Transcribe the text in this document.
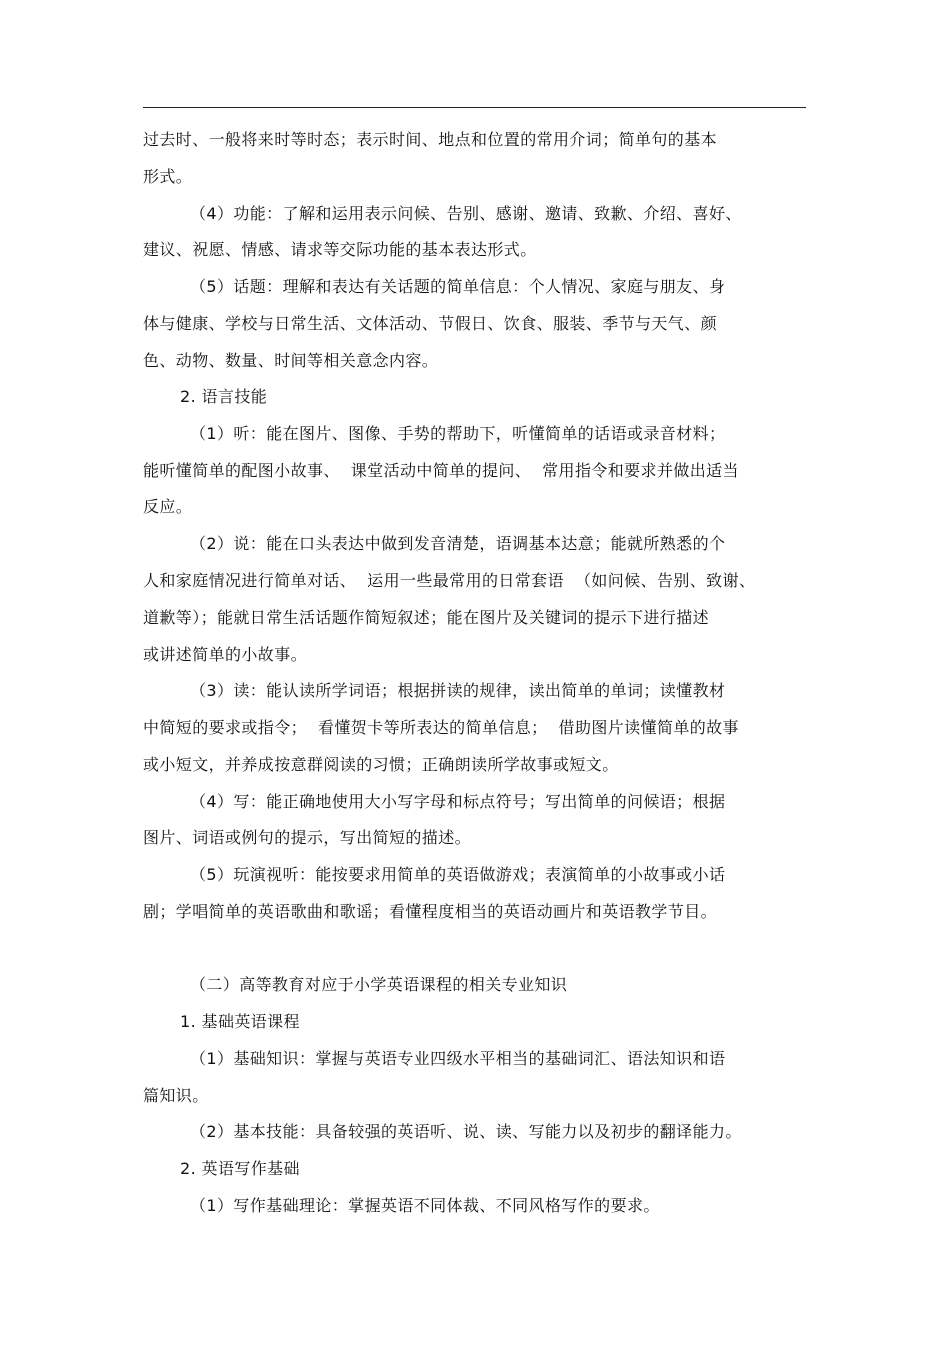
过去时、一般将来时等时态；表示时间、地点和位置的常用介词；简单句的基本
形式。
（4）功能：了解和运用表示问候、告别、感谢、邀请、致歉、介绍、喜好、
建议、祝愿、情感、请求等交际功能的基本表达形式。
（5）话题：理解和表达有关话题的简单信息：个人情况、家庭与朋友、身
体与健康、学校与日常生活、文体活动、节假日、饮食、服装、季节与天气、颜
色、动物、数量、时间等相关意念内容。
2. 语言技能
（1）听：能在图片、图像、手势的帮助下，听懂简单的话语或录音材料；
能听懂简单的配图小故事、  课堂活动中简单的提问、  常用指令和要求并做出适当
反应。
（2）说：能在口头表达中做到发音清楚，语调基本达意；能就所熟悉的个
人和家庭情况进行简单对话、  运用一些最常用的日常套语  （如问候、告别、致谢、
道歉等）；能就日常生活话题作简短叙述；能在图片及关键词的提示下进行描述
或讲述简单的小故事。
（3）读：能认读所学词语；根据拼读的规律，读出简单的单词；读懂教材
中简短的要求或指令；  看懂贺卡等所表达的简单信息；  借助图片读懂简单的故事
或小短文，并养成按意群阅读的习惯；正确朗读所学故事或短文。
（4）写：能正确地使用大小写字母和标点符号；写出简单的问候语；根据
图片、词语或例句的提示，写出简短的描述。
（5）玩演视听：能按要求用简单的英语做游戏；表演简单的小故事或小话
剧；学唱简单的英语歌曲和歌谣；看懂程度相当的英语动画片和英语教学节目。
（二）高等教育对应于小学英语课程的相关专业知识
1. 基础英语课程
（1）基础知识：掌握与英语专业四级水平相当的基础词汇、语法知识和语
篇知识。
（2）基本技能：具备较强的英语听、说、读、写能力以及初步的翻译能力。
2. 英语写作基础
（1）写作基础理论：掌握英语不同体裁、不同风格写作的要求。
